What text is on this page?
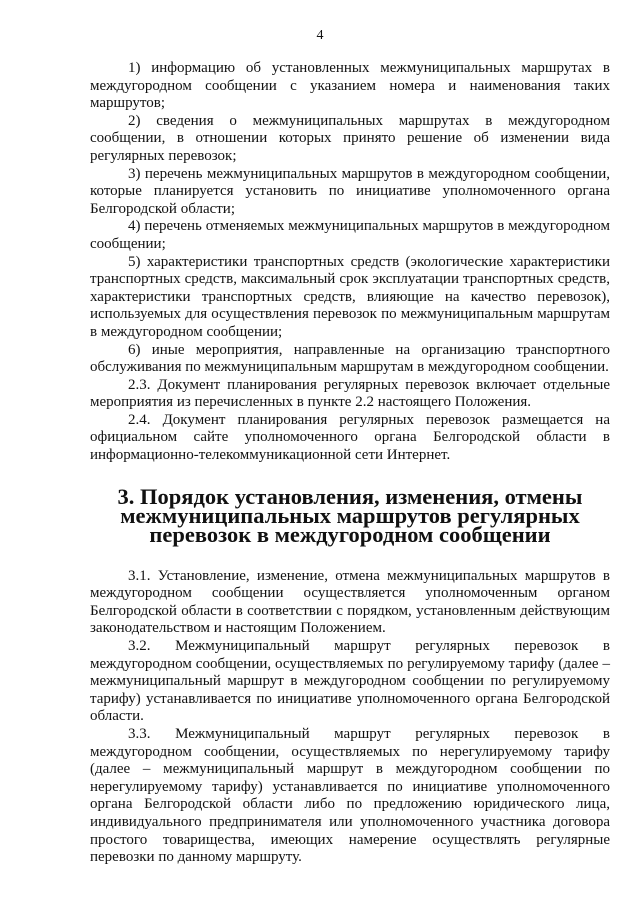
4

1) информацию об установленных межмуниципальных маршрутах в междугородном сообщении с указанием номера и наименования таких маршрутов;

2) сведения о межмуниципальных маршрутах в междугородном сообщении, в отношении которых принято решение об изменении вида регулярных перевозок;

3) перечень межмуниципальных маршрутов в междугородном сообщении, которые планируется установить по инициативе уполномоченного органа Белгородской области;

4) перечень отменяемых межмуниципальных маршрутов в междугородном сообщении;

5) характеристики транспортных средств (экологические характеристики транспортных средств, максимальный срок эксплуатации транспортных средств, характеристики транспортных средств, влияющие на качество перевозок), используемых для осуществления перевозок по межмуниципальным маршрутам в междугородном сообщении;

6) иные мероприятия, направленные на организацию транспортного обслуживания по межмуниципальным маршрутам в междугородном сообщении.

2.3. Документ планирования регулярных перевозок включает отдельные мероприятия из перечисленных в пункте 2.2 настоящего Положения.

2.4. Документ планирования регулярных перевозок размещается на официальном сайте уполномоченного органа Белгородской области в информационно-телекоммуникационной сети Интернет.

3. Порядок установления, изменения, отмены межмуниципальных маршрутов регулярных перевозок в междугородном сообщении

3.1. Установление, изменение, отмена межмуниципальных маршрутов в междугородном сообщении осуществляется уполномоченным органом Белгородской области в соответствии с порядком, установленным действующим законодательством и настоящим Положением.

3.2. Межмуниципальный маршрут регулярных перевозок в междугородном сообщении, осуществляемых по регулируемому тарифу (далее – межмуниципальный маршрут в междугородном сообщении по регулируемому тарифу) устанавливается по инициативе уполномоченного органа Белгородской области.

3.3. Межмуниципальный маршрут регулярных перевозок в междугородном сообщении, осуществляемых по нерегулируемому тарифу (далее – межмуниципальный маршрут в междугородном сообщении по нерегулируемому тарифу) устанавливается по инициативе уполномоченного органа Белгородской области либо по предложению юридического лица, индивидуального предпринимателя или уполномоченного участника договора простого товарищества, имеющих намерение осуществлять регулярные перевозки по данному маршруту.
